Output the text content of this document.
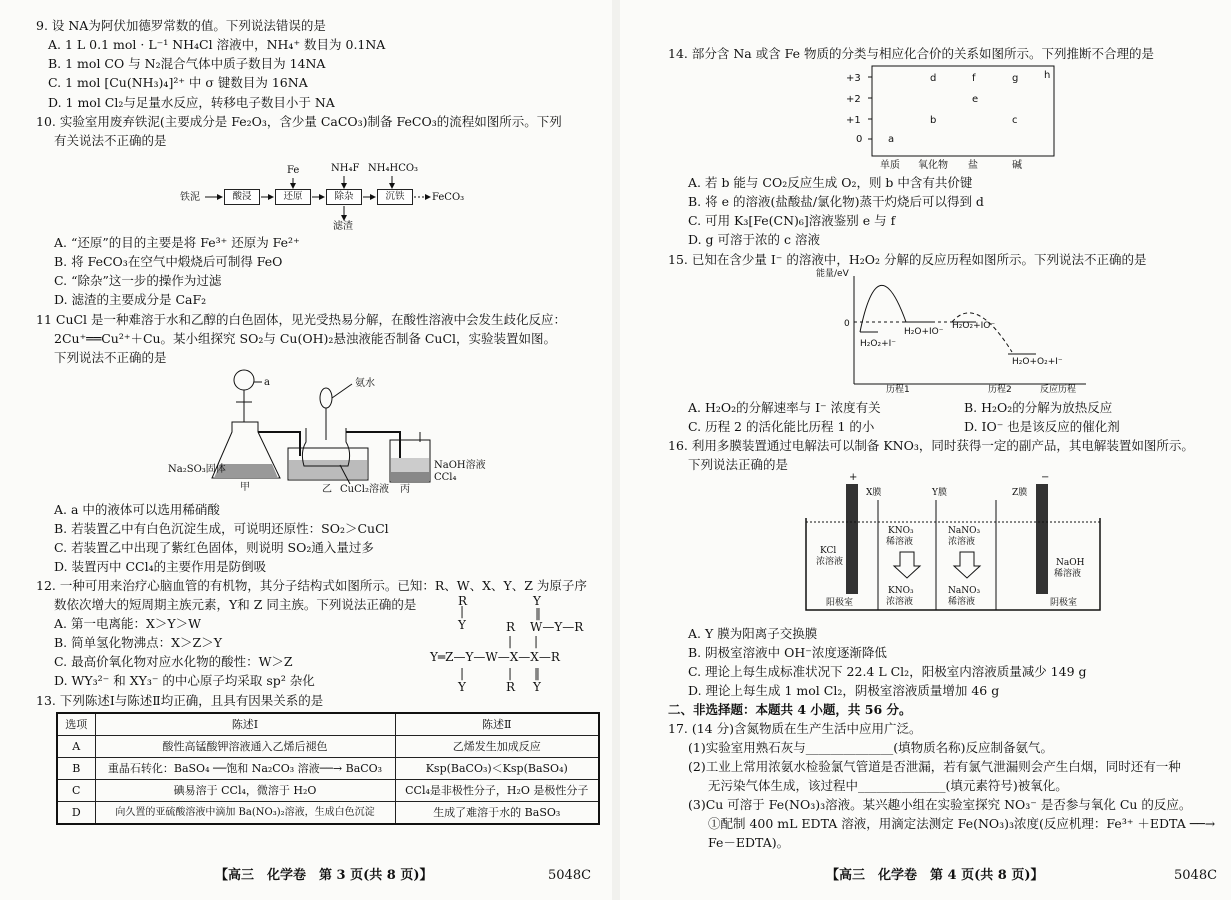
9. 设 NA为阿伏加德罗常数的值。下列说法错误的是
A. 1 L 0.1 mol · L⁻¹ NH₄Cl 溶液中，NH₄⁺ 数目为 0.1NA
B. 1 mol CO 与 N₂混合气体中质子数目为 14NA
C. 1 mol [Cu(NH₃)₄]²⁺ 中 σ 键数目为 16NA
D. 1 mol Cl₂与足量水反应，转移电子数目小于 NA
10. 实验室用废弃铁泥(主要成分是 Fe₂O₃，含少量 CaCO₃)制备 FeCO₃的流程如图所示。下列
有关说法不正确的是
铁泥	酸浸	还原	除杂	沉铁	FeCO₃
Fe	NH₄F NH₄HCO₃
滤渣
A. “还原”的目的主要是将 Fe³⁺ 还原为 Fe²⁺
B. 将 FeCO₃在空气中煅烧后可制得 FeO
C. “除杂”这一步的操作为过滤
D. 滤渣的主要成分是 CaF₂
11 CuCl 是一种难溶于水和乙醇的白色固体，见光受热易分解，在酸性溶液中会发生歧化反应：
2Cu⁺══Cu²⁺＋Cu。某小组探究 SO₂与 Cu(OH)₂悬浊液能否制备 CuCl，实验装置如图。
下列说法不正确的是
a	氨水
Na₂SO₃固体	NaOH溶液
CCl₄
CuCl₂溶液
甲	乙	丙
A. a 中的液体可以选用稀硝酸
B. 若装置乙中有白色沉淀生成，可说明还原性：SO₂＞CuCl
C. 若装置乙中出现了紫红色固体，则说明 SO₂通入量过多
D. 装置丙中 CCl₄的主要作用是防倒吸
12. 一种可用来治疗心脑血管的有机物，其分子结构式如图所示。已知：R、W、X、Y、Z 为原子序
数依次增大的短周期主族元素，Y和 Z 同主族。下列说法正确的是
A. 第一电离能：X＞Y＞W
B. 简单氢化物沸点：X＞Z＞Y
C. 最高价氧化物对应水化物的酸性：W＞Z
D. WY₃²⁻ 和 XY₃⁻ 的中心原子均采取 sp² 杂化
R
|
Y
Y
‖
R W—Y—R
| |
Y═Z—Y—W—X—X—R
|	| ‖
Y	R Y
13. 下列陈述Ⅰ与陈述Ⅱ均正确，且具有因果关系的是
选项	陈述Ⅰ	陈述Ⅱ
A	酸性高锰酸钾溶液通入乙烯后褪色	乙烯发生加成反应
B	重晶石转化：BaSO₄ ──饱和 Na₂CO₃ 溶液──→ BaCO₃	Ksp(BaCO₃)＜Ksp(BaSO₄)
C	碘易溶于 CCl₄，微溶于 H₂O	CCl₄是非极性分子，H₂O 是极性分子
D	向久置的亚硫酸溶液中滴加 Ba(NO₃)₂溶液，生成白色沉淀	生成了难溶于水的 BaSO₃
【高三　化学卷　第 3 页(共 8 页)】	5048C
14. 部分含 Na 或含 Fe 物质的分类与相应化合价的关系如图所示。下列推断不合理的是
+3
+2
+1
0
单质 氧化物 盐	碱
a
b	c
d
e
f	g	h
A. 若 b 能与 CO₂反应生成 O₂，则 b 中含有共价键
B. 将 e 的溶液(盐酸盐/氯化物)蒸干灼烧后可以得到 d
C. 可用 K₃[Fe(CN)₆]溶液鉴别 e 与 f
D. g 可溶于浓的 c 溶液
15. 已知在含少量 I⁻ 的溶液中，H₂O₂ 分解的反应历程如图所示。下列说法不正确的是
能量/eV
0
H₂O₂+I⁻
H₂O+IO⁻
H₂O₂+IO⁻
H₂O+O₂+I⁻
历程1	历程2	反应历程
A. H₂O₂的分解速率与 I⁻ 浓度有关	B. H₂O₂的分解为放热反应
C. 历程 2 的活化能比历程 1 的小	D. IO⁻ 也是该反应的催化剂
16. 利用多膜装置通过电解法可以制备 KNO₃，同时获得一定的副产品，其电解装置如图所示。
下列说法正确的是
+	−
X膜	Y膜	Z膜
KCl
浓溶液
KNO₃
稀溶液
NaNO₃
浓溶液
NaOH
稀溶液
KNO₃
浓溶液
NaNO₃
稀溶液
阳极室	阴极室
A. Y 膜为阳离子交换膜
B. 阴极室溶液中 OH⁻浓度逐渐降低
C. 理论上每生成标准状况下 22.4 L Cl₂，阳极室内溶液质量减少 149 g
D. 理论上每生成 1 mol Cl₂，阴极室溶液质量增加 46 g
二、非选择题：本题共 4 小题，共 56 分。
17. (14 分)含氮物质在生产生活中应用广泛。
(1)实验室用熟石灰与______________(填物质名称)反应制备氨气。
(2)工业上常用浓氨水检验氯气管道是否泄漏，若有氯气泄漏则会产生白烟，同时还有一种
无污染气体生成，该过程中______________(填元素符号)被氧化。
(3)Cu 可溶于 Fe(NO₃)₃溶液。某兴趣小组在实验室探究 NO₃⁻ 是否参与氧化 Cu 的反应。
①配制 400 mL EDTA 溶液，用滴定法测定 Fe(NO₃)₃浓度(反应机理：Fe³⁺ ＋EDTA ──→
Fe－EDTA)。
【高三　化学卷　第 4 页(共 8 页)】	5048C
